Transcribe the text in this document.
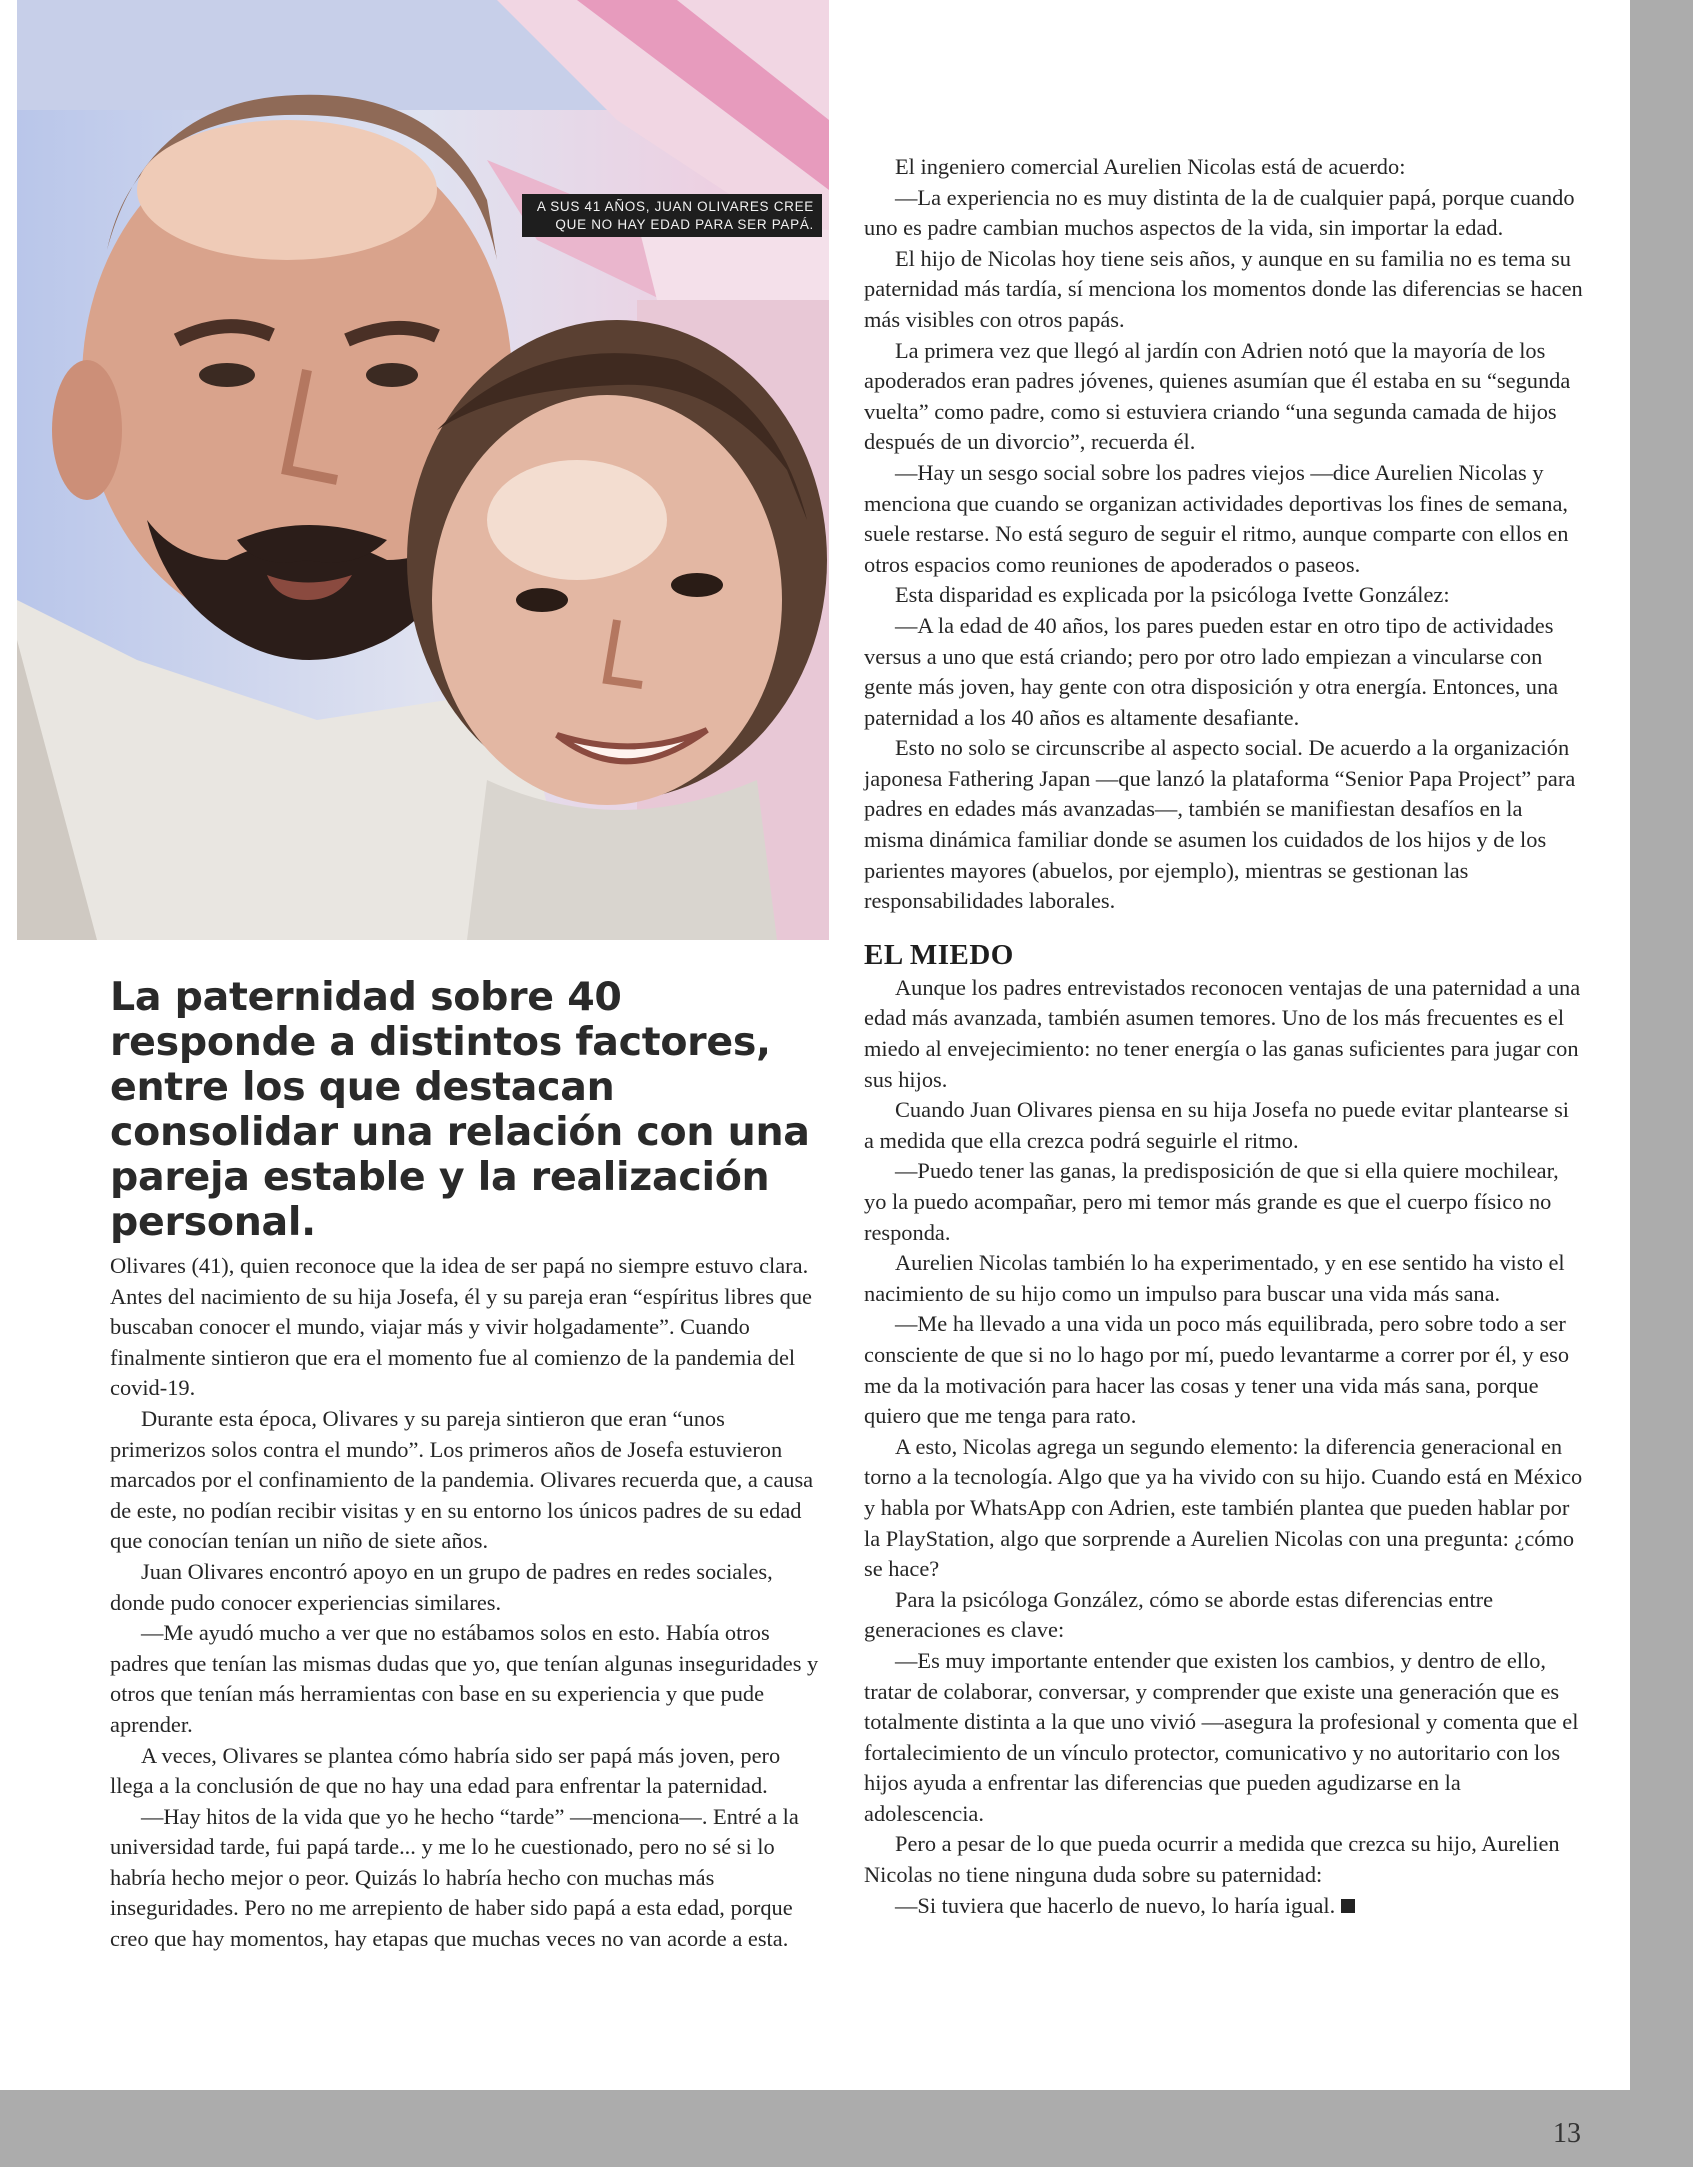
A SUS 41 AÑOS, JUAN OLIVARES CREE
QUE NO HAY EDAD PARA SER PAPÁ.
La paternidad sobre 40 responde a distintos factores, entre los que destacan consolidar una relación con una pareja estable y la realización personal.

Olivares (41), quien reconoce que la idea de ser papá no siempre estuvo clara. Antes del nacimiento de su hija Josefa, él y su pareja eran “espíritus libres que buscaban conocer el mundo, viajar más y vivir holgadamente”. Cuando finalmente sintieron que era el momento fue al comienzo de la pandemia del covid-19.

Durante esta época, Olivares y su pareja sintieron que eran “unos primerizos solos contra el mundo”. Los primeros años de Josefa estuvieron marcados por el confinamiento de la pandemia. Olivares recuerda que, a causa de este, no podían recibir visitas y en su entorno los únicos padres de su edad que conocían tenían un niño de siete años.

Juan Olivares encontró apoyo en un grupo de padres en redes sociales, donde pudo conocer experiencias similares.

—Me ayudó mucho a ver que no estábamos solos en esto. Había otros padres que tenían las mismas dudas que yo, que tenían algunas inseguridades y otros que tenían más herramientas con base en su experiencia y que pude aprender.

A veces, Olivares se plantea cómo habría sido ser papá más joven, pero llega a la conclusión de que no hay una edad para enfrentar la paternidad.

—Hay hitos de la vida que yo he hecho “tarde” —menciona—. Entré a la universidad tarde, fui papá tarde... y me lo he cuestionado, pero no sé si lo habría hecho mejor o peor. Quizás lo habría hecho con muchas más inseguridades. Pero no me arrepiento de haber sido papá a esta edad, porque creo que hay momentos, hay etapas que muchas veces no van acorde a esta.

El ingeniero comercial Aurelien Nicolas está de acuerdo:

—La experiencia no es muy distinta de la de cualquier papá, porque cuando uno es padre cambian muchos aspectos de la vida, sin importar la edad.

El hijo de Nicolas hoy tiene seis años, y aunque en su familia no es tema su paternidad más tardía, sí menciona los momentos donde las diferencias se hacen más visibles con otros papás.

La primera vez que llegó al jardín con Adrien notó que la mayoría de los apoderados eran padres jóvenes, quienes asumían que él estaba en su “segunda vuelta” como padre, como si estuviera criando “una segunda camada de hijos después de un divorcio”, recuerda él.

—Hay un sesgo social sobre los padres viejos —dice Aurelien Nicolas y menciona que cuando se organizan actividades deportivas los fines de semana, suele restarse. No está seguro de seguir el ritmo, aunque comparte con ellos en otros espacios como reuniones de apoderados o paseos.

Esta disparidad es explicada por la psicóloga Ivette González:

—A la edad de 40 años, los pares pueden estar en otro tipo de actividades versus a uno que está criando; pero por otro lado empiezan a vincularse con gente más joven, hay gente con otra disposición y otra energía. Entonces, una paternidad a los 40 años es altamente desafiante.

Esto no solo se circunscribe al aspecto social. De acuerdo a la organización japonesa Fathering Japan —que lanzó la plataforma “Senior Papa Project” para padres en edades más avanzadas—, también se manifiestan desafíos en la misma dinámica familiar donde se asumen los cuidados de los hijos y de los parientes mayores (abuelos, por ejemplo), mientras se gestionan las responsabilidades laborales.

EL MIEDO

Aunque los padres entrevistados reconocen ventajas de una paternidad a una edad más avanzada, también asumen temores. Uno de los más frecuentes es el miedo al envejecimiento: no tener energía o las ganas suficientes para jugar con sus hijos.

Cuando Juan Olivares piensa en su hija Josefa no puede evitar plantearse si a medida que ella crezca podrá seguirle el ritmo.

—Puedo tener las ganas, la predisposición de que si ella quiere mochilear, yo la puedo acompañar, pero mi temor más grande es que el cuerpo físico no responda.

Aurelien Nicolas también lo ha experimentado, y en ese sentido ha visto el nacimiento de su hijo como un impulso para buscar una vida más sana.

—Me ha llevado a una vida un poco más equilibrada, pero sobre todo a ser consciente de que si no lo hago por mí, puedo levantarme a correr por él, y eso me da la motivación para hacer las cosas y tener una vida más sana, porque quiero que me tenga para rato.

A esto, Nicolas agrega un segundo elemento: la diferencia generacional en torno a la tecnología. Algo que ya ha vivido con su hijo. Cuando está en México y habla por WhatsApp con Adrien, este también plantea que pueden hablar por la PlayStation, algo que sorprende a Aurelien Nicolas con una pregunta: ¿cómo se hace?

Para la psicóloga González, cómo se aborde estas diferencias entre generaciones es clave:

—Es muy importante entender que existen los cambios, y dentro de ello, tratar de colaborar, conversar, y comprender que existe una generación que es totalmente distinta a la que uno vivió —asegura la profesional y comenta que el fortalecimiento de un vínculo protector, comunicativo y no autoritario con los hijos ayuda a enfrentar las diferencias que pueden agudizarse en la adolescencia.

Pero a pesar de lo que pueda ocurrir a medida que crezca su hijo, Aurelien Nicolas no tiene ninguna duda sobre su paternidad:

—Si tuviera que hacerlo de nuevo, lo haría igual.

13
